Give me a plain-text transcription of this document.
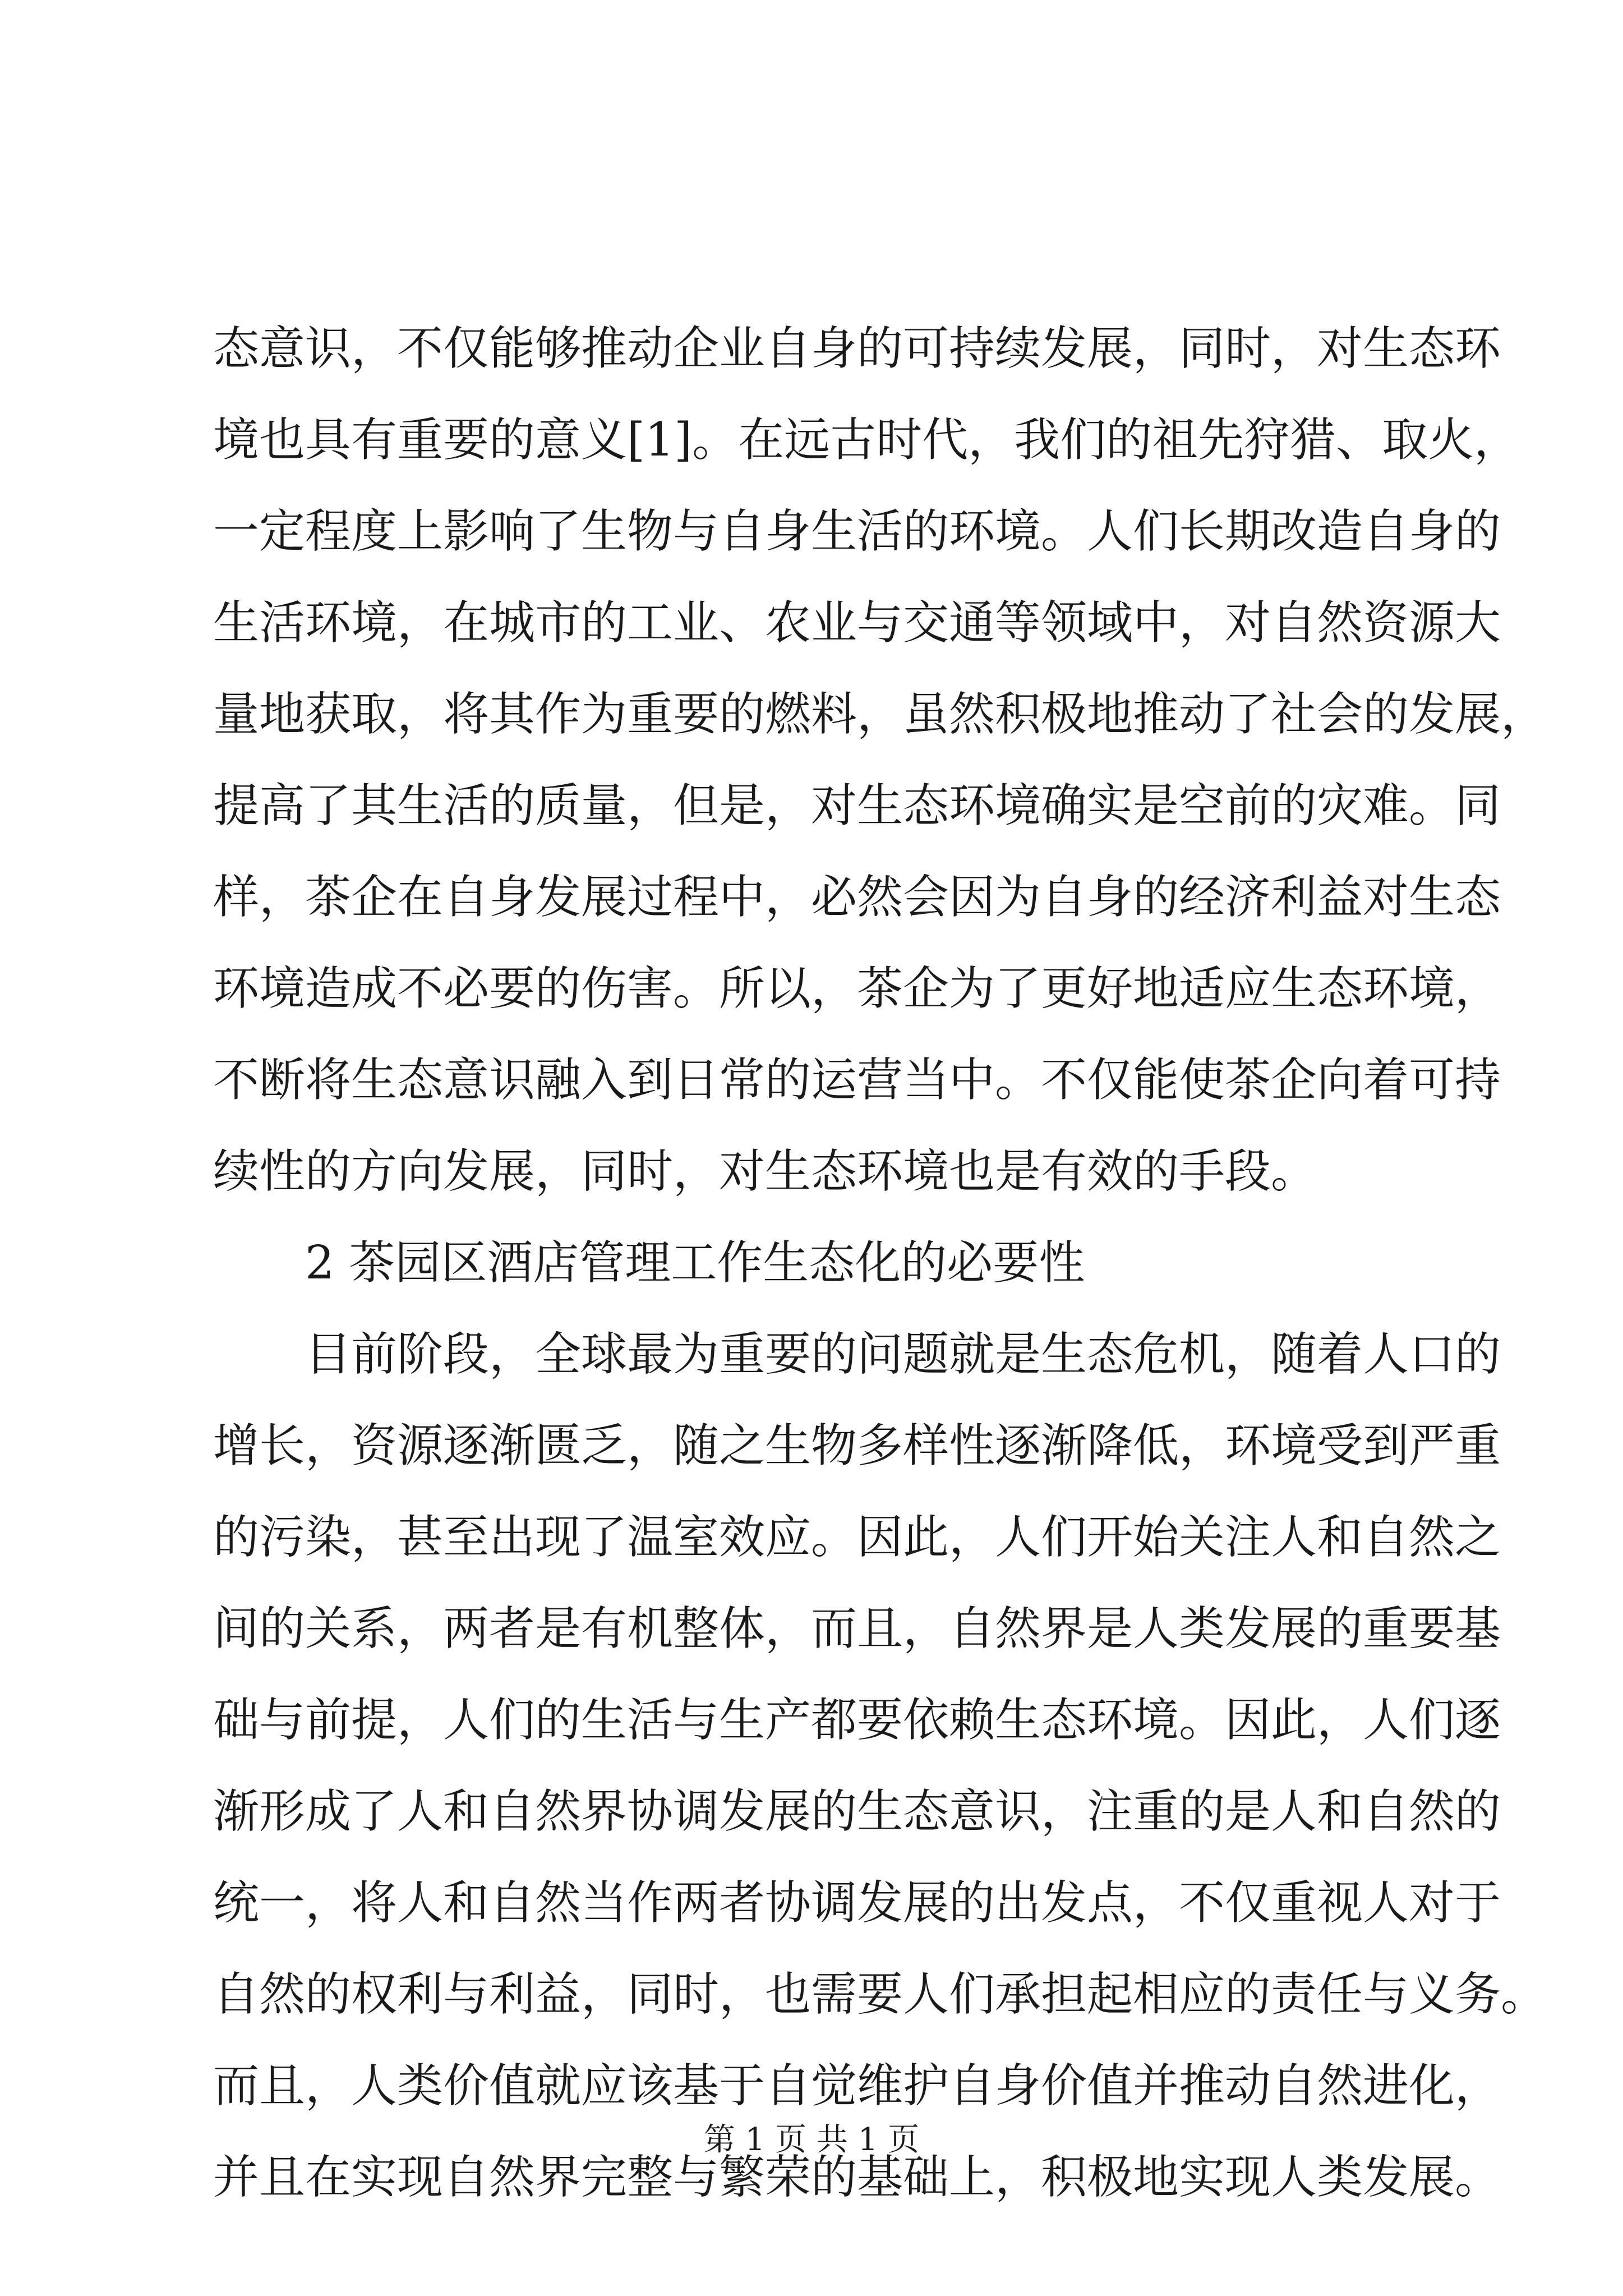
态意识，不仅能够推动企业自身的可持续发展，同时，对生态环
境也具有重要的意义[1]。在远古时代，我们的祖先狩猎、取火，
一定程度上影响了生物与自身生活的环境。人们长期改造自身的
生活环境，在城市的工业、农业与交通等领域中，对自然资源大
量地获取，将其作为重要的燃料，虽然积极地推动了社会的发展，
提高了其生活的质量，但是，对生态环境确实是空前的灾难。同
样，茶企在自身发展过程中，必然会因为自身的经济利益对生态
环境造成不必要的伤害。所以，茶企为了更好地适应生态环境，
不断将生态意识融入到日常的运营当中。不仅能使茶企向着可持
续性的方向发展，同时，对生态环境也是有效的手段。
2 茶园区酒店管理工作生态化的必要性
目前阶段，全球最为重要的问题就是生态危机，随着人口的
增长，资源逐渐匮乏，随之生物多样性逐渐降低，环境受到严重
的污染，甚至出现了温室效应。因此，人们开始关注人和自然之
间的关系，两者是有机整体，而且，自然界是人类发展的重要基
础与前提，人们的生活与生产都要依赖生态环境。因此，人们逐
渐形成了人和自然界协调发展的生态意识，注重的是人和自然的
统一，将人和自然当作两者协调发展的出发点，不仅重视人对于
自然的权利与利益，同时，也需要人们承担起相应的责任与义务。
而且，人类价值就应该基于自觉维护自身价值并推动自然进化，
并且在实现自然界完整与繁荣的基础上，积极地实现人类发展。
第 1 页 共 1 页
